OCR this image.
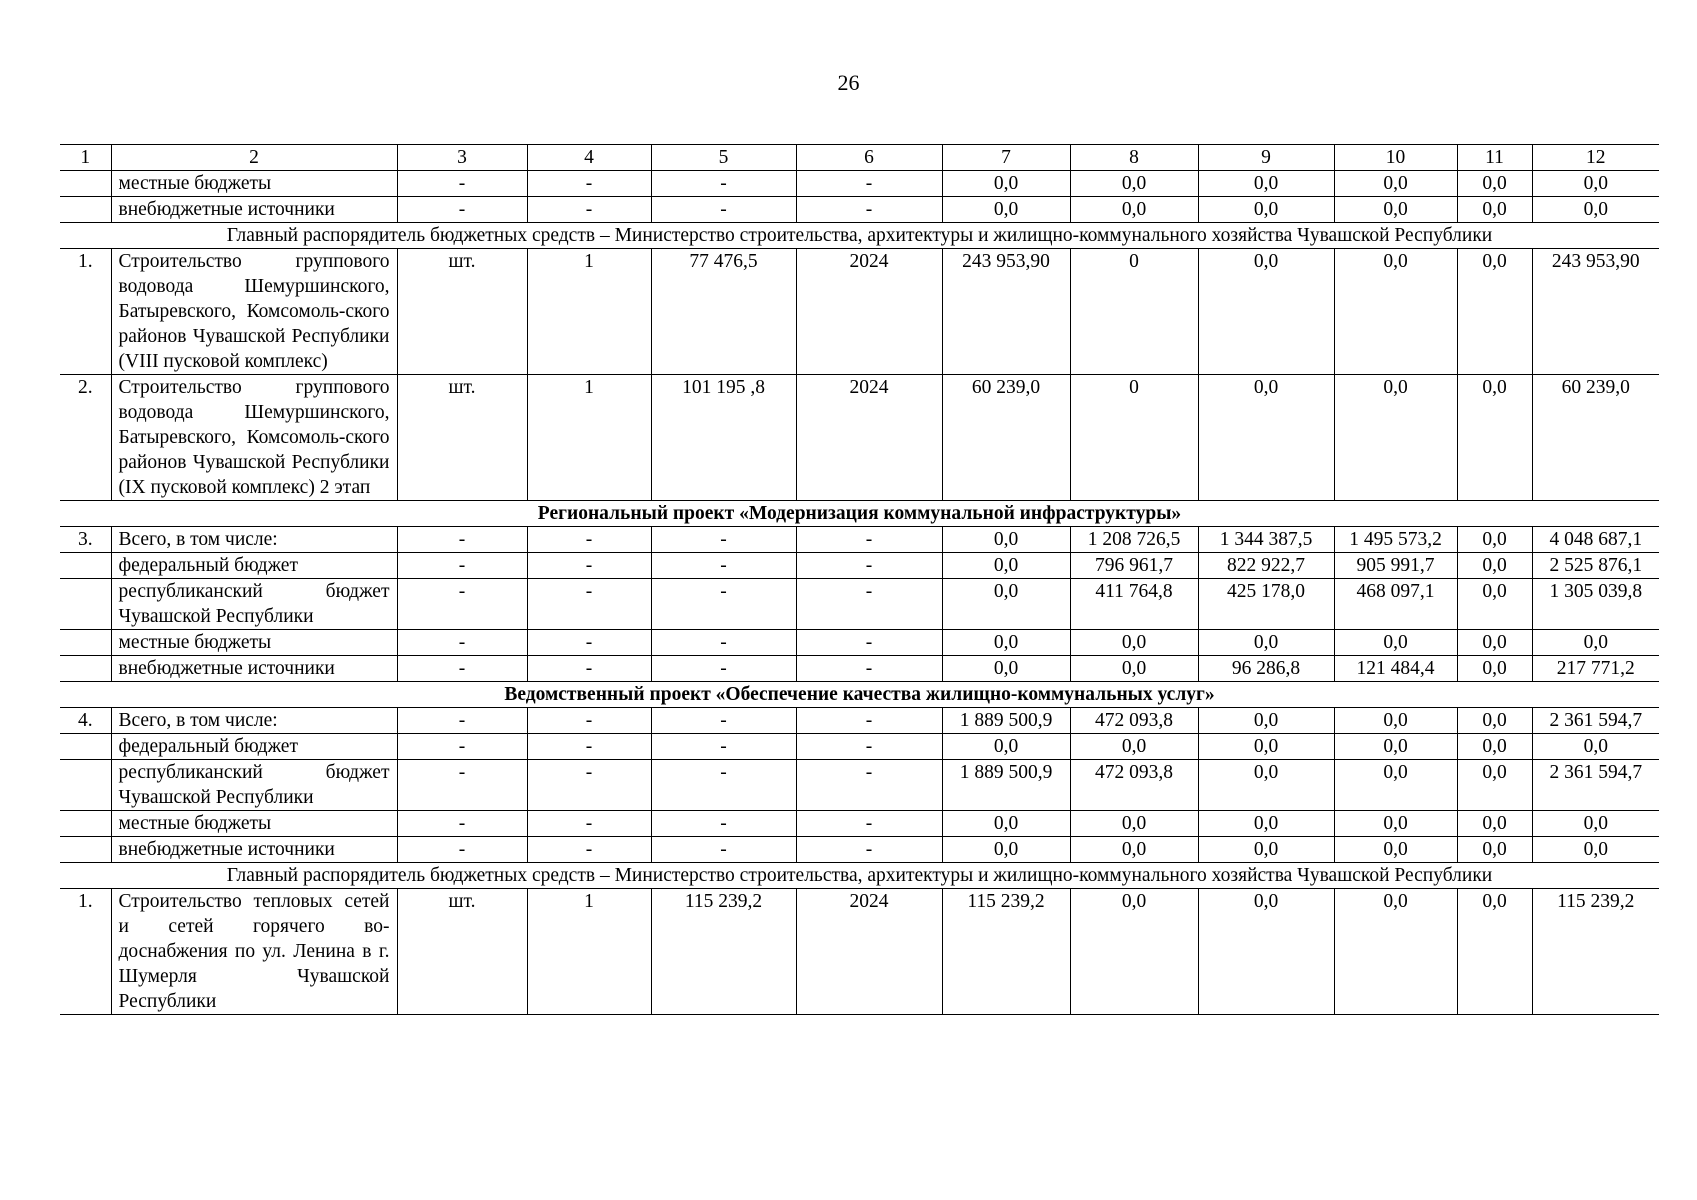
26
1	2	3	4	5	6	7	8	9	10	11	12
	местные бюджеты	-	-	-	-	0,0	0,0	0,0	0,0	0,0	0,0
	внебюджетные источники	-	-	-	-	0,0	0,0	0,0	0,0	0,0	0,0
Главный распорядитель бюджетных средств – Министерство строительства, архитектуры и жилищно-коммунального хозяйства Чувашской Республики											
1.	Строительство группового водовода Шемуршинского, Батыревского, Комсомоль-ского районов Чувашской Республики (VIII пусковой комплекс)	шт.	1	77 476,5	2024	243 953,90	0	0,0	0,0	0,0	243 953,90
2.	Строительство группового водовода Шемуршинского, Батыревского, Комсомоль-ского районов Чувашской Республики (IX пусковой комплекс) 2 этап	шт.	1	101 195 ,8	2024	60 239,0	0	0,0	0,0	0,0	60 239,0
Региональный проект «Модернизация коммунальной инфраструктуры»											
3.	Всего, в том числе:	-	-	-	-	0,0	1 208 726,5	1 344 387,5	1 495 573,2	0,0	4 048 687,1
	федеральный бюджет	-	-	-	-	0,0	796 961,7	822 922,7	905 991,7	0,0	2 525 876,1
	республиканский бюджет Чувашской Республики	-	-	-	-	0,0	411 764,8	425 178,0	468 097,1	0,0	1 305 039,8
	местные бюджеты	-	-	-	-	0,0	0,0	0,0	0,0	0,0	0,0
	внебюджетные источники	-	-	-	-	0,0	0,0	96 286,8	121 484,4	0,0	217 771,2
Ведомственный проект «Обеспечение качества жилищно-коммунальных услуг»											
4.	Всего, в том числе:	-	-	-	-	1 889 500,9	472 093,8	0,0	0,0	0,0	2 361 594,7
	федеральный бюджет	-	-	-	-	0,0	0,0	0,0	0,0	0,0	0,0
	республиканский бюджет Чувашской Республики	-	-	-	-	1 889 500,9	472 093,8	0,0	0,0	0,0	2 361 594,7
	местные бюджеты	-	-	-	-	0,0	0,0	0,0	0,0	0,0	0,0
	внебюджетные источники	-	-	-	-	0,0	0,0	0,0	0,0	0,0	0,0
Главный распорядитель бюджетных средств – Министерство строительства, архитектуры и жилищно-коммунального хозяйства Чувашской Республики											
1.	Строительство тепловых сетей и сетей горячего во-доснабжения по ул. Ленина в г. Шумерля Чувашской Республики	шт.	1	115 239,2	2024	115 239,2	0,0	0,0	0,0	0,0	115 239,2
